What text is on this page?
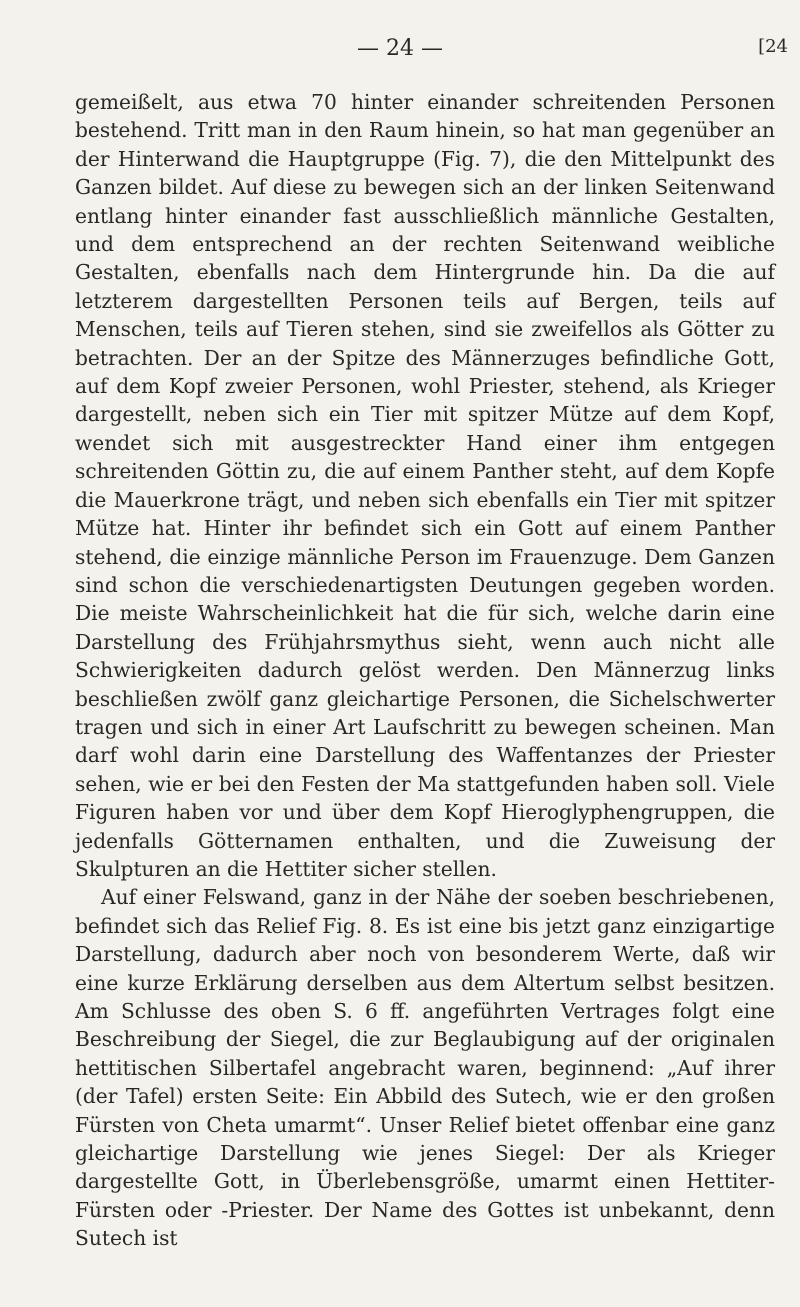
— 24 —	[24

gemeißelt, aus etwa 70 hinter einander schreitenden Personen bestehend. Tritt man in den Raum hinein, so hat man gegenüber an der Hinterwand die Hauptgruppe (Fig. 7), die den Mittelpunkt des Ganzen bildet. Auf diese zu bewegen sich an der linken Seitenwand entlang hinter einander fast ausschließlich männliche Gestalten, und dem entsprechend an der rechten Seitenwand weibliche Gestalten, ebenfalls nach dem Hintergrunde hin. Da die auf letzterem dargestellten Personen teils auf Bergen, teils auf Menschen, teils auf Tieren stehen, sind sie zweifellos als Götter zu betrachten. Der an der Spitze des Männerzuges befindliche Gott, auf dem Kopf zweier Personen, wohl Priester, stehend, als Krieger dargestellt, neben sich ein Tier mit spitzer Mütze auf dem Kopf, wendet sich mit ausgestreckter Hand einer ihm entgegen schreitenden Göttin zu, die auf einem Panther steht, auf dem Kopfe die Mauerkrone trägt, und neben sich ebenfalls ein Tier mit spitzer Mütze hat. Hinter ihr befindet sich ein Gott auf einem Panther stehend, die einzige männliche Person im Frauenzuge. Dem Ganzen sind schon die verschiedenartigsten Deutungen gegeben worden. Die meiste Wahrscheinlichkeit hat die für sich, welche darin eine Darstellung des Frühjahrsmythus sieht, wenn auch nicht alle Schwierigkeiten dadurch gelöst werden. Den Männerzug links beschließen zwölf ganz gleichartige Personen, die Sichelschwerter tragen und sich in einer Art Laufschritt zu bewegen scheinen. Man darf wohl darin eine Darstellung des Waffentanzes der Priester sehen, wie er bei den Festen der Ma stattgefunden haben soll. Viele Figuren haben vor und über dem Kopf Hieroglyphengruppen, die jedenfalls Götternamen enthalten, und die Zuweisung der Skulpturen an die Hettiter sicher stellen.

Auf einer Felswand, ganz in der Nähe der soeben beschriebenen, befindet sich das Relief Fig. 8. Es ist eine bis jetzt ganz einzigartige Darstellung, dadurch aber noch von besonderem Werte, daß wir eine kurze Erklärung derselben aus dem Altertum selbst besitzen. Am Schlusse des oben S. 6 ff. angeführten Vertrages folgt eine Beschreibung der Siegel, die zur Beglaubigung auf der originalen hettitischen Silbertafel angebracht waren, beginnend: „Auf ihrer (der Tafel) ersten Seite: Ein Abbild des Sutech, wie er den großen Fürsten von Cheta umarmt“. Unser Relief bietet offenbar eine ganz gleichartige Darstellung wie jenes Siegel: Der als Krieger dargestellte Gott, in Überlebensgröße, umarmt einen Hettiter-Fürsten oder -Priester. Der Name des Gottes ist unbekannt, denn Sutech ist
